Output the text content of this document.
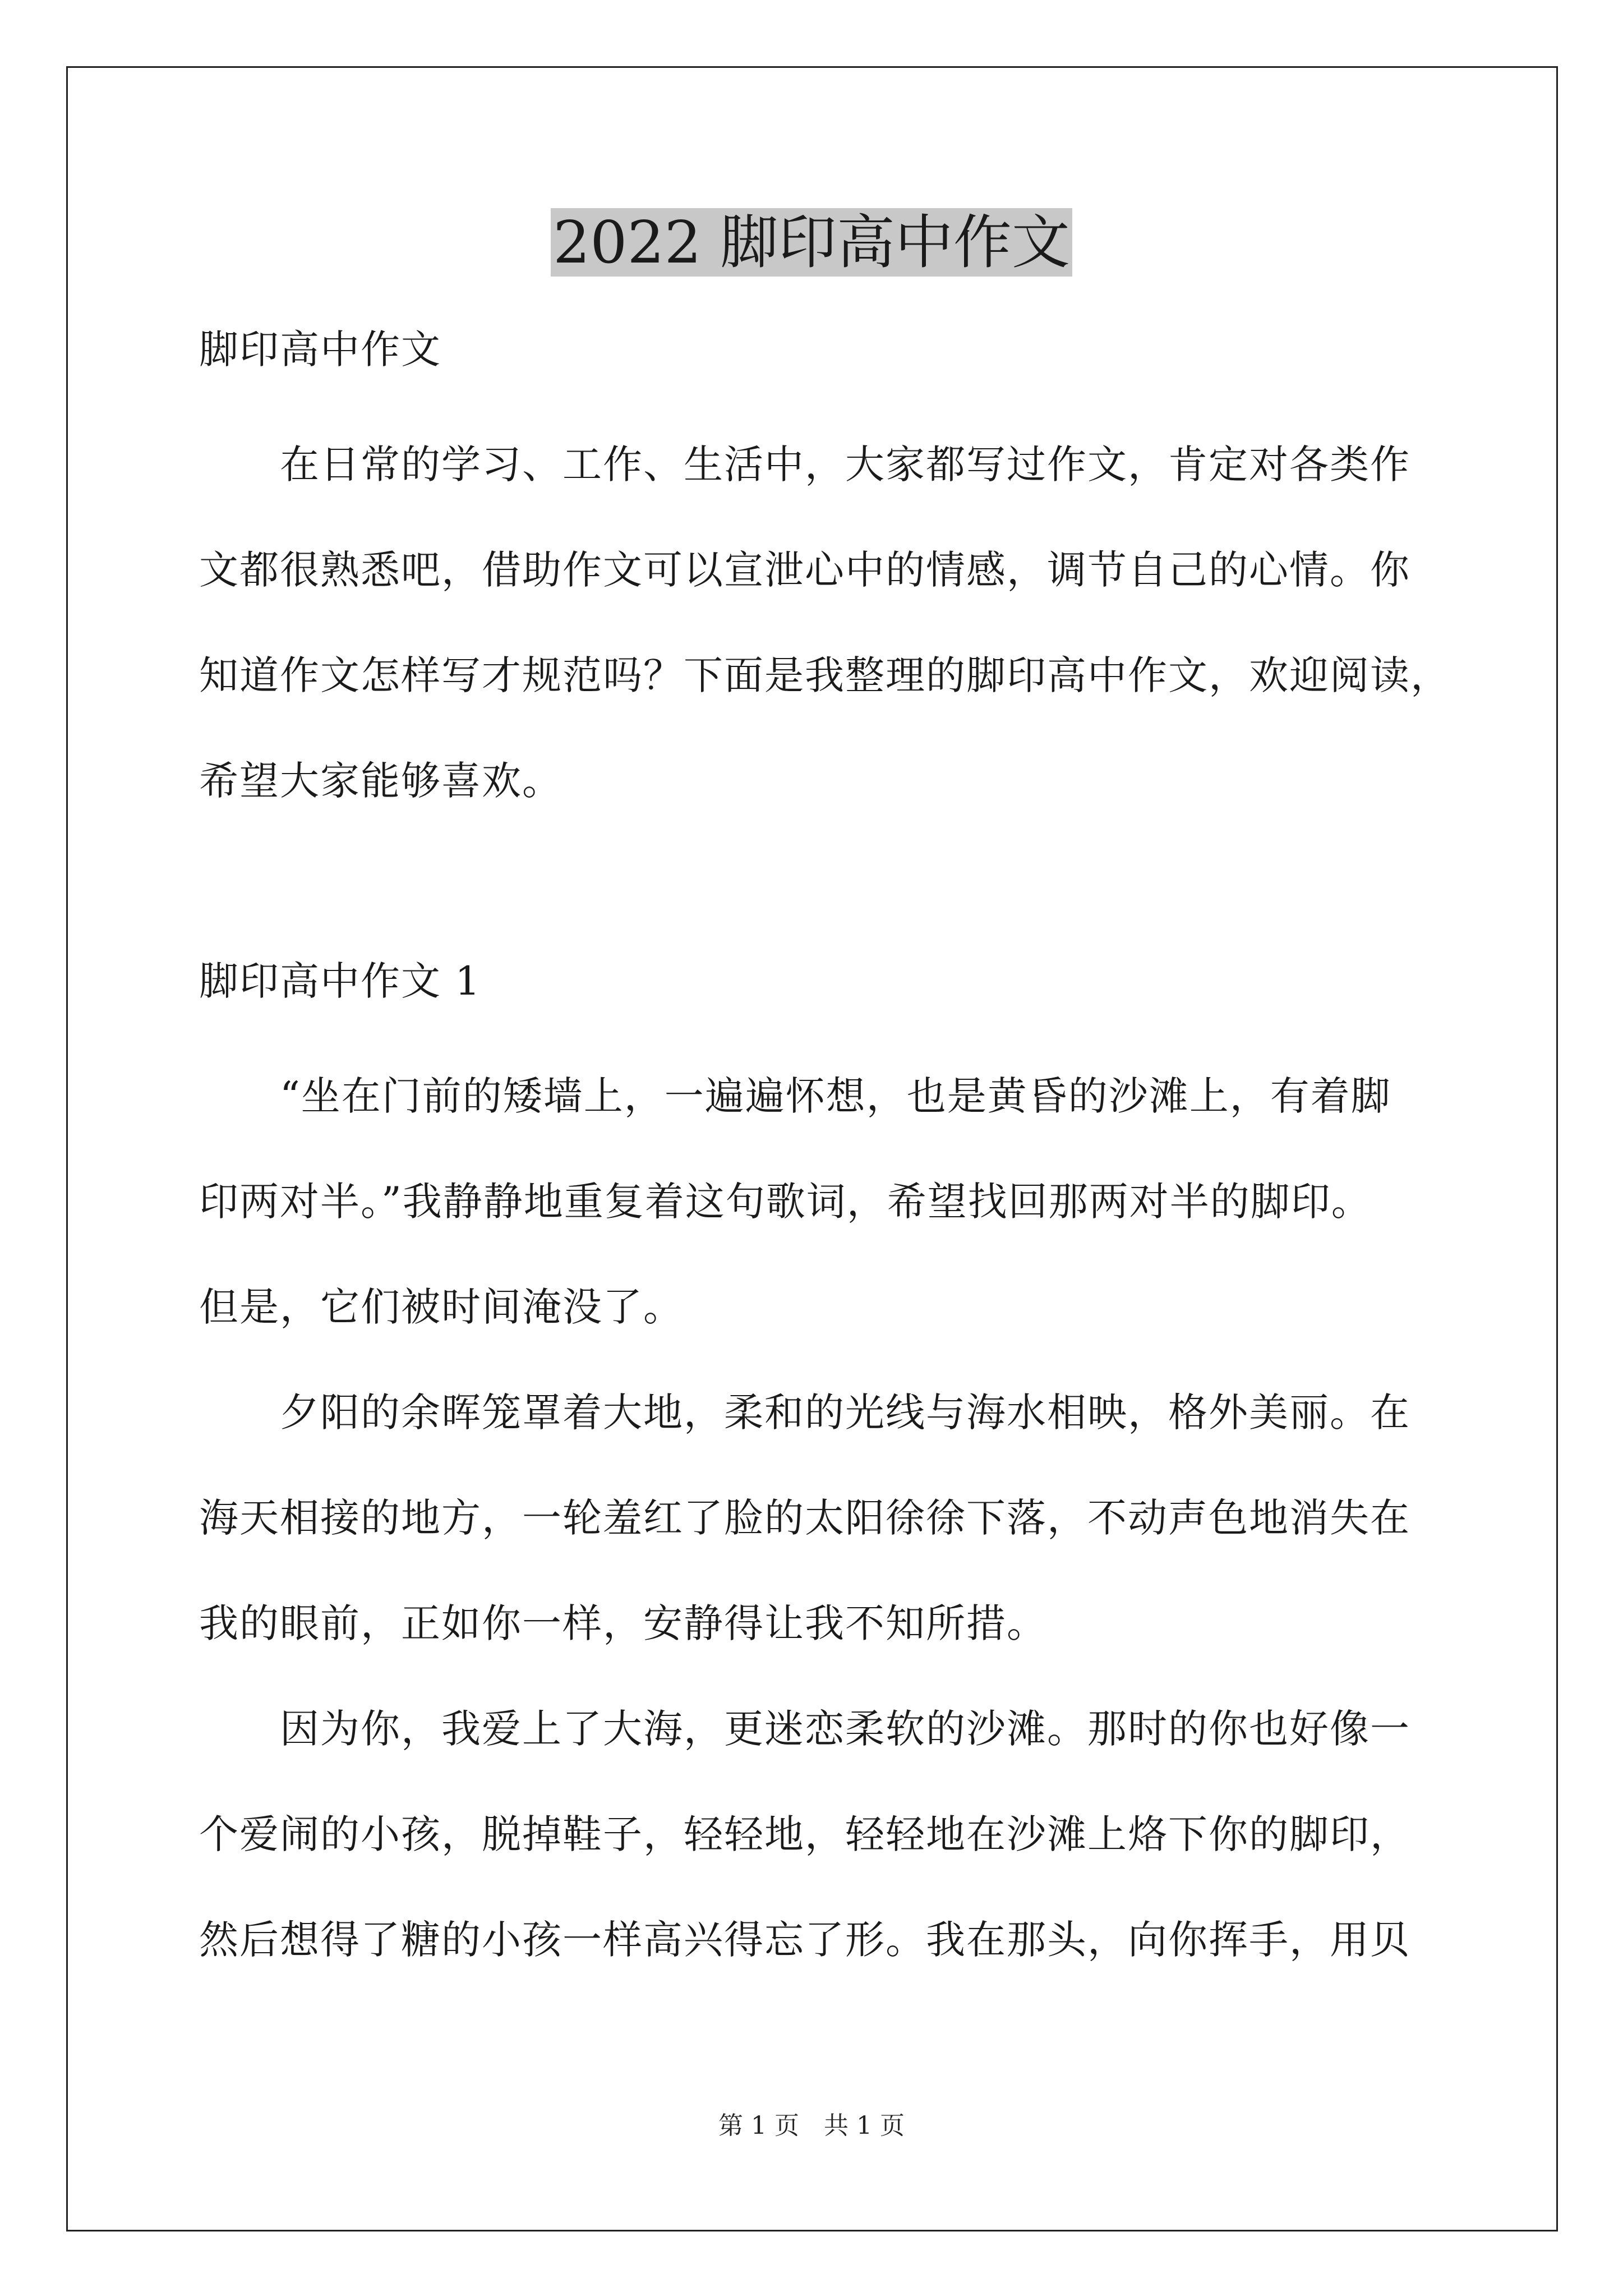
2022 脚印高中作文
脚印高中作文

　　在日常的学习、工作、生活中，大家都写过作文，肯定对各类作
文都很熟悉吧，借助作文可以宣泄心中的情感，调节自己的心情。你
知道作文怎样写才规范吗？下面是我整理的脚印高中作文，欢迎阅读，
希望大家能够喜欢。

脚印高中作文 1

　　“坐在门前的矮墙上，一遍遍怀想，也是黄昏的沙滩上，有着脚
印两对半。”我静静地重复着这句歌词，希望找回那两对半的脚印。
但是，它们被时间淹没了。

　　夕阳的余晖笼罩着大地，柔和的光线与海水相映，格外美丽。在
海天相接的地方，一轮羞红了脸的太阳徐徐下落，不动声色地消失在
我的眼前，正如你一样，安静得让我不知所措。

　　因为你，我爱上了大海，更迷恋柔软的沙滩。那时的你也好像一
个爱闹的小孩，脱掉鞋子，轻轻地，轻轻地在沙滩上烙下你的脚印，
然后想得了糖的小孩一样高兴得忘了形。我在那头，向你挥手，用贝

第 1 页　共 1 页
